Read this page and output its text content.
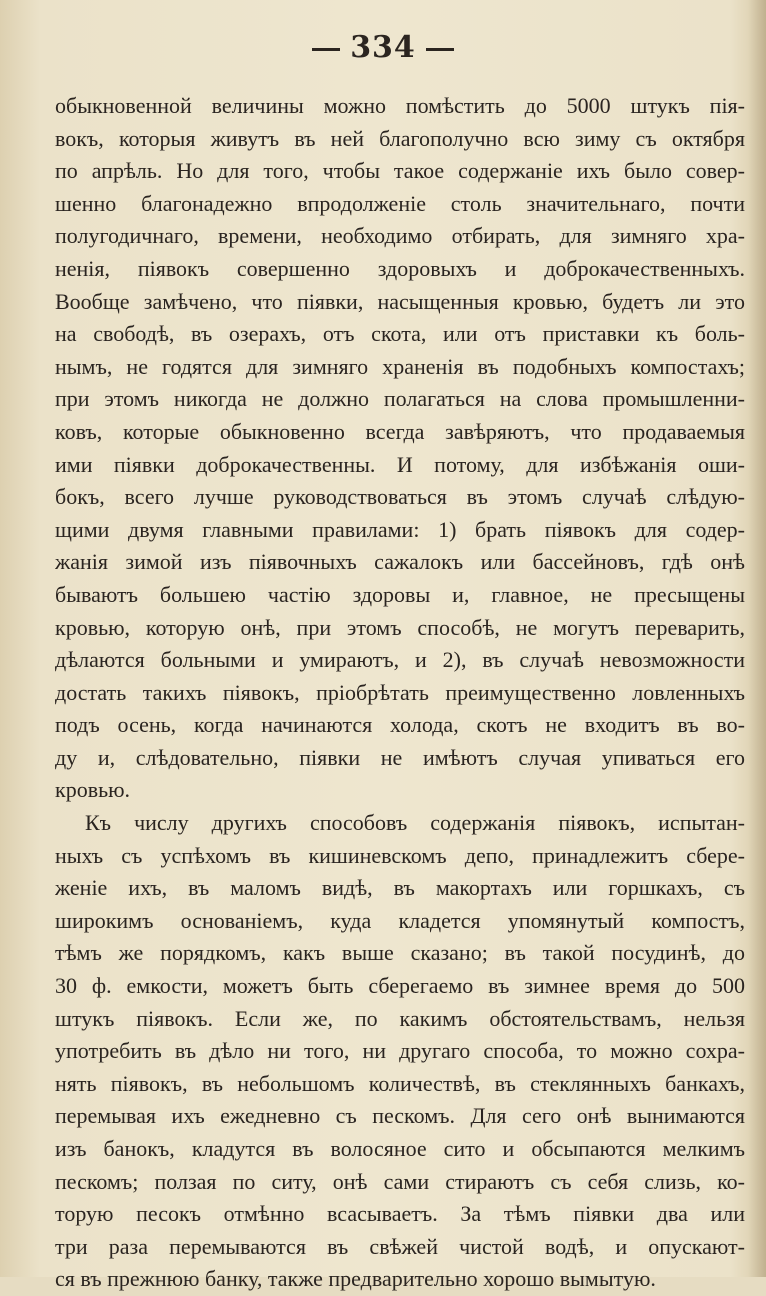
334
обыкновенной величины можно помѣстить до 5000 штукъ пія-
вокъ, которыя живутъ въ ней благополучно всю зиму съ октября
по апрѣль. Но для того, чтобы такое содержаніе ихъ было совер-
шенно благонадежно впродолженіе столь значительнаго, почти
полугодичнаго, времени, необходимо отбирать, для зимняго хра-
ненія, піявокъ совершенно здоровыхъ и доброкачественныхъ.
Вообще замѣчено, что піявки, насыщенныя кровью, будетъ ли это
на свободѣ, въ озерахъ, отъ скота, или отъ приставки къ боль-
нымъ, не годятся для зимняго храненія въ подобныхъ компостахъ;
при этомъ никогда не должно полагаться на слова промышленни-
ковъ, которые обыкновенно всегда завѣряютъ, что продаваемыя
ими піявки доброкачественны. И потому, для избѣжанія оши-
бокъ, всего лучше руководствоваться въ этомъ случаѣ слѣдую-
щими двумя главными правилами: 1) брать піявокъ для содер-
жанія зимой изъ піявочныхъ сажалокъ или бассейновъ, гдѣ онѣ
бываютъ большею частію здоровы и, главное, не пресыщены
кровью, которую онѣ, при этомъ способѣ, не могутъ переварить,
дѣлаются больными и умираютъ, и 2), въ случаѣ невозможности
достать такихъ піявокъ, пріобрѣтать преимущественно ловленныхъ
подъ осень, когда начинаются холода, скотъ не входитъ въ во-
ду и, слѣдовательно, піявки не имѣютъ случая упиваться его
кровью.
Къ числу другихъ способовъ содержанія піявокъ, испытан-
ныхъ съ успѣхомъ въ кишиневскомъ депо, принадлежитъ сбере-
женіе ихъ, въ маломъ видѣ, въ макортахъ или горшкахъ, съ
широкимъ основаніемъ, куда кладется упомянутый компостъ,
тѣмъ же порядкомъ, какъ выше сказано; въ такой посудинѣ, до
30 ф. емкости, можетъ быть сберегаемо въ зимнее время до 500
штукъ піявокъ. Если же, по какимъ обстоятельствамъ, нельзя
употребить въ дѣло ни того, ни другаго способа, то можно сохра-
нять піявокъ, въ небольшомъ количествѣ, въ стеклянныхъ банкахъ,
перемывая ихъ ежедневно съ пескомъ. Для сего онѣ вынимаются
изъ банокъ, кладутся въ волосяное сито и обсыпаются мелкимъ
пескомъ; ползая по ситу, онѣ сами стираютъ съ себя слизь, ко-
торую песокъ отмѣнно всасываетъ. За тѣмъ піявки два или
три раза перемываются въ свѣжей чистой водѣ, и опускают-
ся въ прежнюю банку, также предварительно хорошо вымытую.
